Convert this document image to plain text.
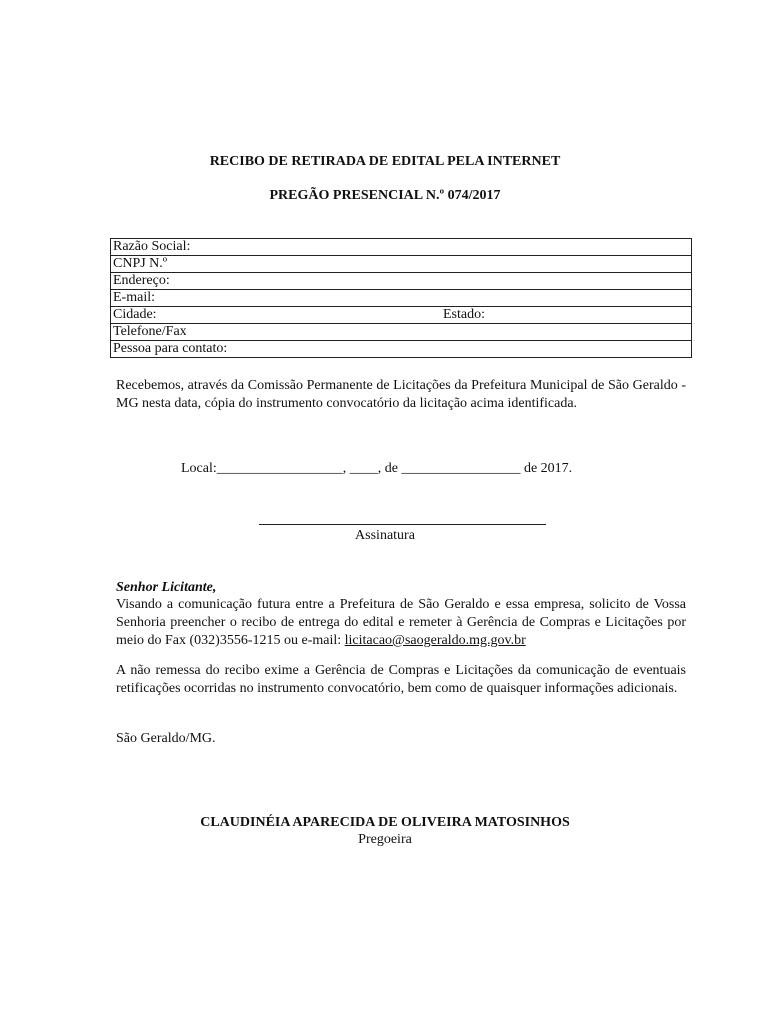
RECIBO DE RETIRADA DE EDITAL PELA INTERNET
PREGÃO PRESENCIAL N.º 074/2017
Razão Social:
CNPJ N.º
Endereço:
E-mail:

Cidade:	Estado:

Telefone/Fax
Pessoa para contato:
Recebemos, através da Comissão Permanente de Licitações da Prefeitura Municipal de São Geraldo - MG nesta data, cópia do instrumento convocatório da licitação acima identificada.
Local:__________________, ____, de _________________ de 2017.
Assinatura
Senhor Licitante,
Visando a comunicação futura entre a Prefeitura de São Geraldo e essa empresa, solicito de Vossa Senhoria preencher o recibo de entrega do edital e remeter à Gerência de Compras e Licitações por meio do Fax (032)3556-1215 ou e-mail: licitacao@saogeraldo.mg.gov.br
A não remessa do recibo exime a Gerência de Compras e Licitações da comunicação de eventuais retificações ocorridas no instrumento convocatório, bem como de quaisquer informações adicionais.
São Geraldo/MG.
CLAUDINÉIA APARECIDA DE OLIVEIRA MATOSINHOS
Pregoeira
